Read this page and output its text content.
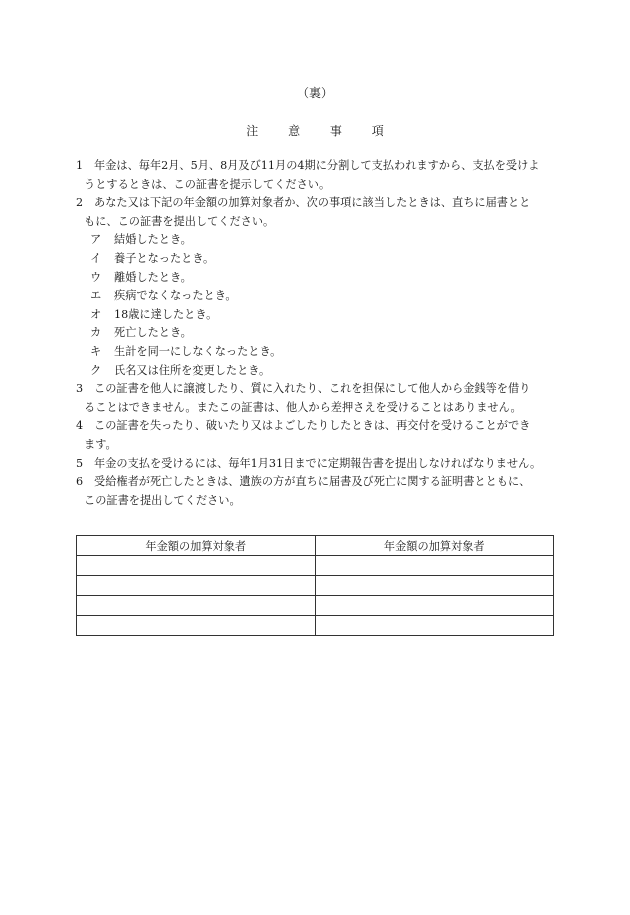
（裏）
注 意 事 項
1 年金は、毎年2月、5月、8月及び11月の4期に分割して支払われますから、支払を受けよ
うとするときは、この証書を提示してください。
2 あなた又は下記の年金額の加算対象者か、次の事項に該当したときは、直ちに届書とと
もに、この証書を提出してください。
ア	結婚したとき。
イ	養子となったとき。
ウ	離婚したとき。
エ	疾病でなくなったとき。
オ	18歳に達したとき。
カ	死亡したとき。
キ	生計を同一にしなくなったとき。
ク	氏名又は住所を変更したとき。
3 この証書を他人に譲渡したり、質に入れたり、これを担保にして他人から金銭等を借り
ることはできません。またこの証書は、他人から差押さえを受けることはありません。
4 この証書を失ったり、破いたり又はよごしたりしたときは、再交付を受けることができ
ます。
5 年金の支払を受けるには、毎年1月31日までに定期報告書を提出しなければなりません。
6 受給権者が死亡したときは、遺族の方が直ちに届書及び死亡に関する証明書とともに、
この証書を提出してください。
年金額の加算対象者	年金額の加算対象者
